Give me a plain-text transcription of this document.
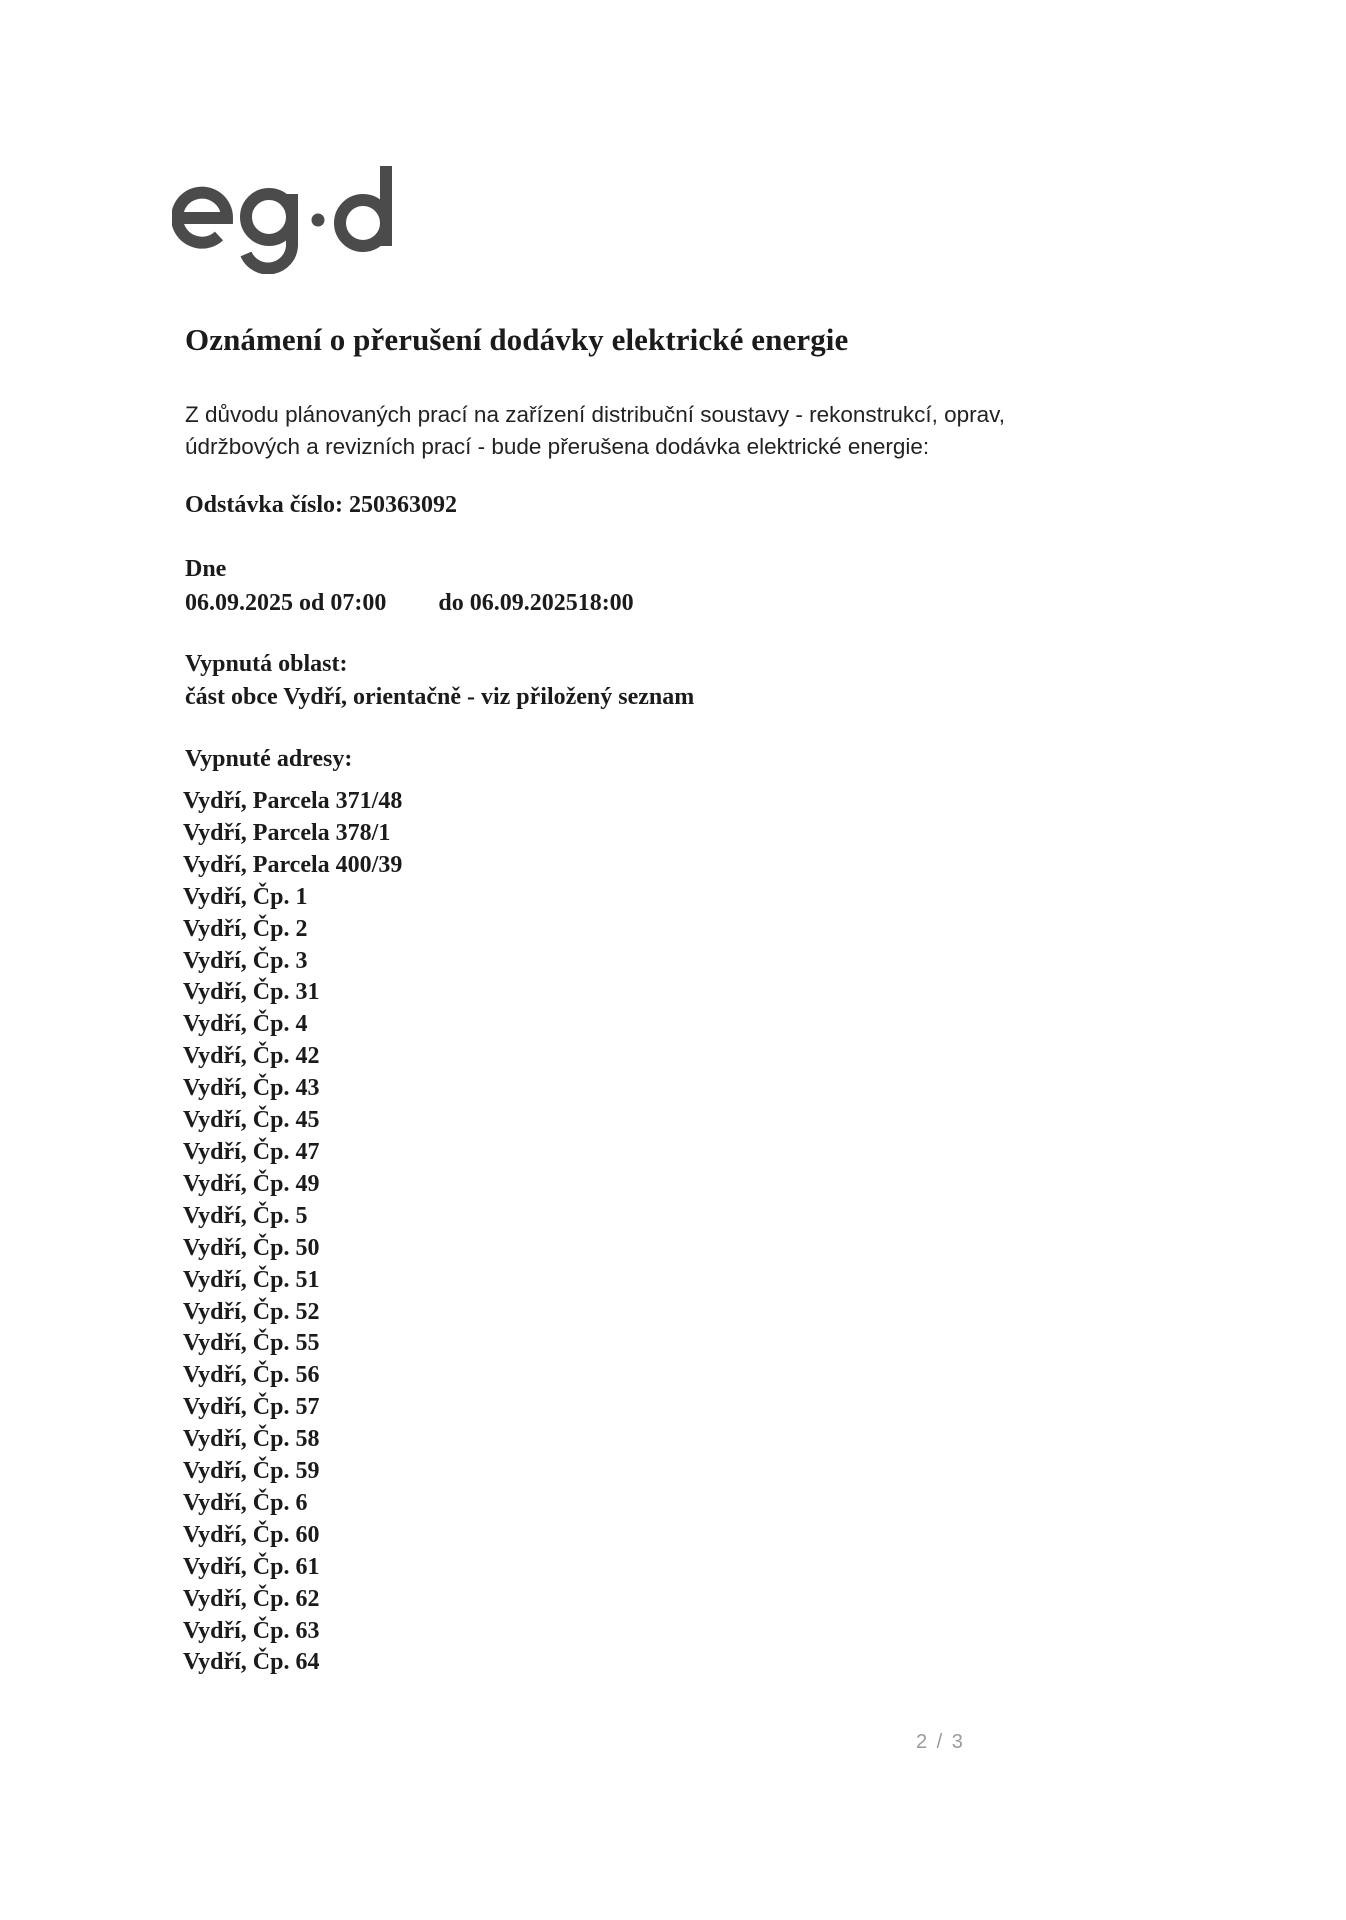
Oznámení o přerušení dodávky elektrické energie

Z důvodu plánovaných prací na zařízení distribuční soustavy - rekonstrukcí, oprav,
údržbových a revizních prací - bude přerušena dodávka elektrické energie:

Odstávka číslo: 250363092
Dne
06.09.2025 od 07:00 do 06.09.202518:00
Vypnutá oblast:
část obce Vydří, orientačně - viz přiložený seznam
Vypnuté adresy:
Vydří, Parcela 371/48
Vydří, Parcela 378/1
Vydří, Parcela 400/39
Vydří, Čp. 1
Vydří, Čp. 2
Vydří, Čp. 3
Vydří, Čp. 31
Vydří, Čp. 4
Vydří, Čp. 42
Vydří, Čp. 43
Vydří, Čp. 45
Vydří, Čp. 47
Vydří, Čp. 49
Vydří, Čp. 5
Vydří, Čp. 50
Vydří, Čp. 51
Vydří, Čp. 52
Vydří, Čp. 55
Vydří, Čp. 56
Vydří, Čp. 57
Vydří, Čp. 58
Vydří, Čp. 59
Vydří, Čp. 6
Vydří, Čp. 60
Vydří, Čp. 61
Vydří, Čp. 62
Vydří, Čp. 63
Vydří, Čp. 64
2 / 3
